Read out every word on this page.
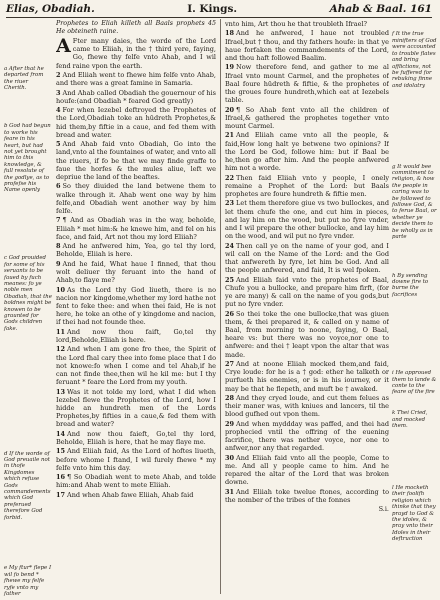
Elias, Obadiah.	I. Kings.	Ahab & Baal. 161

a After that he departed from the riuer Cherith.

b God had begun to worke his feare in his heart, but had not yet brought him to this knowledge, & full resolute of the godlye, as to profefse his Name openly

c God prouided for some of his seruants to be faued by fuch meanes: fo ye noble men Obadiah, that the boldnes might be knowen to be graunted for Gods children fake.

d If the worde of God preuaile not in thofe Kingdomes which refuse Gods commandements which God preferued therefore God forbid.

e My ftur* flepe I wil fo bend * fhewe my felfe ryfe vnto my father

Prophetes to Eliah killeth all Baals prophets 45 He obteineth raine.

A Fter many daies, the worde of the Lord came to Eliiah, in the † third yere, faying, Go, fhewe thy felfe vnto Ahab, and I wil fend raine vpon the earth.

2 And Eliiah went to fhewe him felfe vnto Ahab, and there was a great famine in Samaria.

3 And Ahab called Obadiah the gouernour of his houfe:(and Obadiah * feared God greatly)

4 For when Iezebel deftroyed the Prophetes of the Lord,Obadiah toke an hūdreth Prophetes,& hid them,by fiftie in a caue, and fed them with bread and water.

5 And Ahab faid vnto Obadiah, Go into the land,vnto al the fountaines of water, and vnto all the riuers, if fo be that we may finde graffe to faue the horfes & the mules aliue, left we depriue the land of the beaftes.

6 So they diuided the land betwene them to walke through it. Ahab went one way by him felfe,and Obadiah went another way by him felfe.

7 ¶ And as Obadiah was in the way, beholde, Eliiah * met him:& he knewe him, and fel on his face, and faid, Art not thou my lord Eliiah?

8 And he anfwered him, Yea, go tel thy lord, Beholde, Eliiah is here.

9 And he faid, What haue I finned, that thou wolt deliuer thy feruant into the hand of Ahab,to flaye me?

10 As the Lord thy God liueth, there is no nacion nor kingdome,whether my lord hathe not fent to feke thee: and when thei faid, He is not here, he toke an othe of y kingdome and nacion, if thei had not founde thee.

11 And now thou faift, Go,tel thy lord,Beholde,Eliiah is here.

12 And when I am gone fro thee, the Spirit of the Lord fhal cary thee into fome place that I do not knowe:fo when I come and tel Ahab,if he can not finde thee,then wil he kil me: but I thy feruant * feare the Lord from my youth.

13 Was it not tolde my lord, what I did when Iezebel flewe the Prophetes of the Lord, how I hidde an hundreth men of the Lords Prophetes,by fifties in a caue,& fed them with bread and water?

14 And now thou faieft, Go,tel thy lord, Beholde, Eliiah is here, that he may flaye me.

15 And Eliiah faid, As the Lord of hoftes liueth, before whome I ftand, I wil furely fhewe * my felfe vnto him this day.

16 ¶ So Obadiah went to mete Ahab, and tolde him:and Ahab went to mete Eliiah.

17 And when Ahab fawe Eliiah, Ahab faid

vnto him, Art thou he that troubleth Ifrael?

18 And he anfwered, I haue not troubled Ifrael,but † thou, and thy fathers houfe: in that ye haue forfaken the commandements of the Lord, and thou haft followed Baalim.

19 Now therefore fend, and gather to me al Ifrael vnto mount Carmel, and the prophetes of Baal foure hūdreth & fiftie, & the prophetes of the groues foure hundreth,which eat at Iezebels table.

20 ¶ So Ahab fent vnto all the children of Ifrael,& gathered the prophetes together vnto mount Carmel.

21 And Eliiah came vnto all the people, & faid,How long halt ye betwene two opinions? If the Lord be God, followe him: but if Baal be he,then go after him. And the people anfwered him not a worde.

22 Then faid Eliiah vnto y people, I onely remaine a Prophet of the Lord: but Baals prophetes are foure hundreth & fiftie men.

23 Let them therefore giue vs two bullockes, and let them chufe the one, and cut him in pieces, and lay him on the wood, but put no fyre vnder, and I wil prepare the other bullocke, and lay him on the wood, and wil put no fyre vnder.

24 Then call ye on the name of your god, and I wil call on the Name of the Lord: and the God that anfwereth by fyre, let him be God. And all the people anfwered, and faid, It is wel fpoken.

25 And Eliiah faid vnto the prophetes of Baal, Chufe you a bullocke, and prepare him firft, (for ye are many) & call on the name of you gods,but put no fyre vnder.

26 So thei toke the one bullocke,that was giuen them, & thei prepared it, & called on y name of Baal, from morning to noone, faying, O Baal, heare vs: but there was no voyce,nor one to anfwere: and thei † leapt vpon the altar that was made.

27 And at noone Eliiah mocked them,and faid, Crye loude: for he is a † god: ether he talketh or purfueth his enemies, or is in his iourney, or it may be that he flepeth, and muft be † awaked.

28 And they cryed loude, and cut them felues as their maner was, with kniues and lancers, til the blood gufhed out vpon them.

29 And when myddday was paffed, and thei had prophecied vntil the offring of the euening facrifice, there was nether voyce, nor one to anfwer,nor any that regarded.

30 And Eliiah faid vnto all the people, Come to me. And all y people came to him. And he repared the altar of the Lord that was broken downe.

31 And Eliiah toke twelue ftones, according to the nomber of the tribes of the fonnes

S.i.

f It the true minifters of God were accounted to trouble flates and bring afflictions, not be fuffered for rebuking finne and idolatry

g It would bee commitment to religion, & how the people in caring was to be followed to followe God, & to ferue Baal, or whether ye decide them to be wholly as in parte

h By sending downe fire to burne the facrifices

i He approued them to lande & conte to the feare of the fire

k Thei Cried, and mocked them.

l He mocketh their foolifh religion which thinke that they prayd to God & the idoles, & pray vnto their Idoles in their deftruction
